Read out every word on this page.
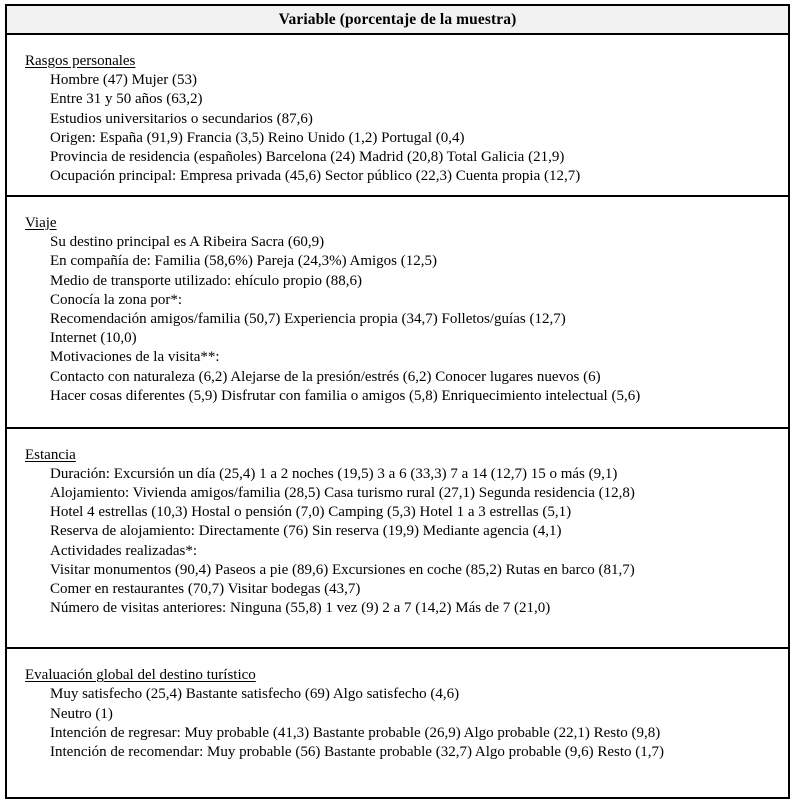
Variable (porcentaje de la muestra)
Rasgos personales
Hombre (47) Mujer (53)
Entre 31 y 50 años (63,2)
Estudios universitarios o secundarios (87,6)
Origen: España (91,9) Francia (3,5) Reino Unido (1,2) Portugal (0,4)
Provincia de residencia (españoles) Barcelona (24) Madrid (20,8) Total Galicia (21,9)
Ocupación principal: Empresa privada (45,6) Sector público (22,3) Cuenta propia (12,7)
Viaje
Su destino principal es A Ribeira Sacra (60,9)
En compañía de: Familia (58,6%) Pareja (24,3%) Amigos (12,5)
Medio de transporte utilizado: ehículo propio (88,6)
Conocía la zona por*:
Recomendación amigos/familia (50,7) Experiencia propia (34,7) Folletos/guías (12,7)
Internet (10,0)
Motivaciones de la visita**:
Contacto con naturaleza (6,2) Alejarse de la presión/estrés (6,2) Conocer lugares nuevos (6)
Hacer cosas diferentes (5,9) Disfrutar con familia o amigos (5,8) Enriquecimiento intelectual (5,6)
Estancia
Duración: Excursión un día (25,4) 1 a 2 noches (19,5) 3 a 6 (33,3) 7 a 14 (12,7) 15 o más (9,1)
Alojamiento: Vivienda amigos/familia (28,5) Casa turismo rural (27,1) Segunda residencia (12,8)
Hotel 4 estrellas (10,3) Hostal o pensión (7,0) Camping (5,3) Hotel 1 a 3 estrellas (5,1)
Reserva de alojamiento: Directamente (76) Sin reserva (19,9) Mediante agencia (4,1)
Actividades realizadas*:
Visitar monumentos (90,4) Paseos a pie (89,6) Excursiones en coche (85,2) Rutas en barco (81,7)
Comer en restaurantes (70,7) Visitar bodegas (43,7)
Número de visitas anteriores: Ninguna (55,8) 1 vez (9) 2 a 7 (14,2) Más de 7 (21,0)
Evaluación global del destino turístico
Muy satisfecho (25,4) Bastante satisfecho (69) Algo satisfecho (4,6)
Neutro (1)
Intención de regresar: Muy probable (41,3) Bastante probable (26,9) Algo probable (22,1) Resto (9,8)
Intención de recomendar: Muy probable (56) Bastante probable (32,7) Algo probable (9,6) Resto (1,7)
